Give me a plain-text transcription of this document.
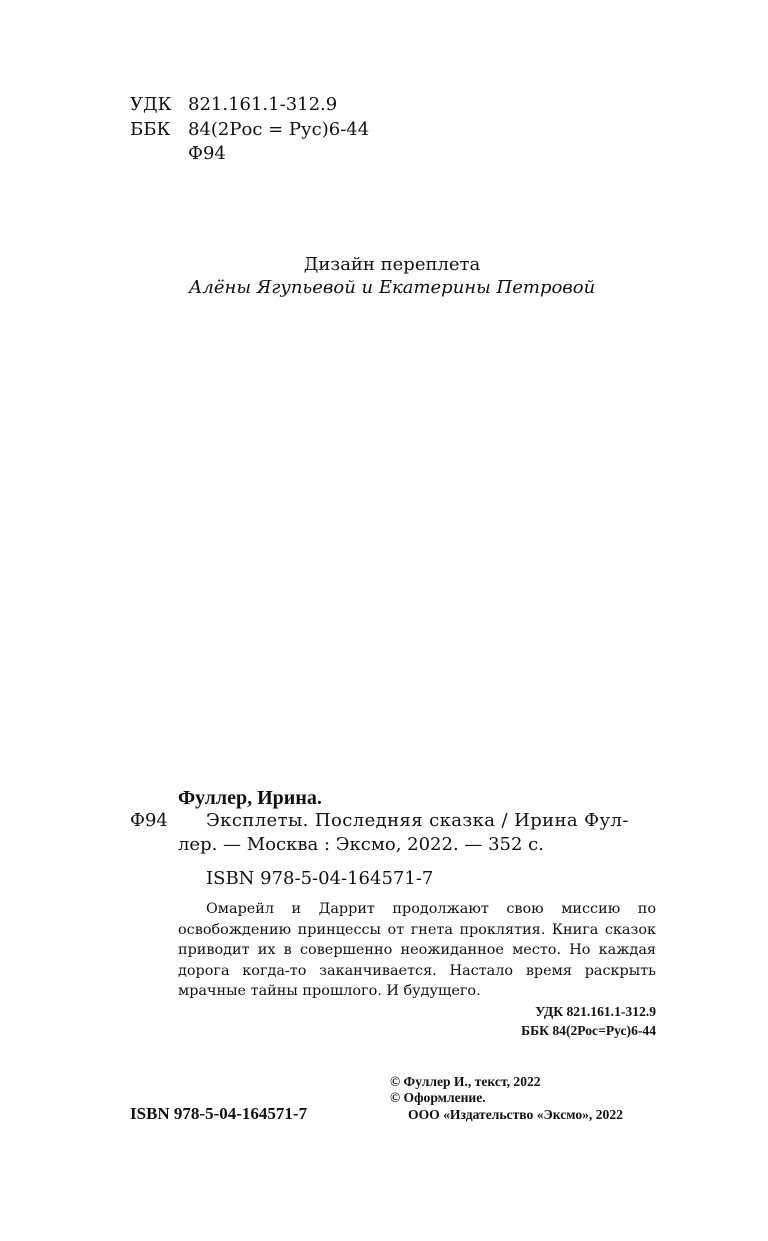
УДК 821.161.1-312.9
ББК 84(2Рос = Рус)6-44
Ф94
Дизайн переплета
Алёны Ягупьевой и Екатерины Петровой
Фуллер, Ирина.
Ф94 Эксплеты. Последняя сказка / Ирина Фул-
лер. — Москва : Эксмо, 2022. — 352 с.
ISBN 978-5-04-164571-7
Омарейл и Даррит продолжают свою миссию по освобождению принцессы от гнета проклятия. Книга сказок приводит их в совершенно неожиданное место. Но каждая дорога когда-то заканчивается. Настало время раскрыть мрачные тайны прошлого. И будущего.
УДК 821.161.1-312.9
ББК 84(2Рос=Рус)6-44
© Фуллер И., текст, 2022
© Оформление.
ООО «Издательство «Эксмо», 2022
ISBN 978-5-04-164571-7
